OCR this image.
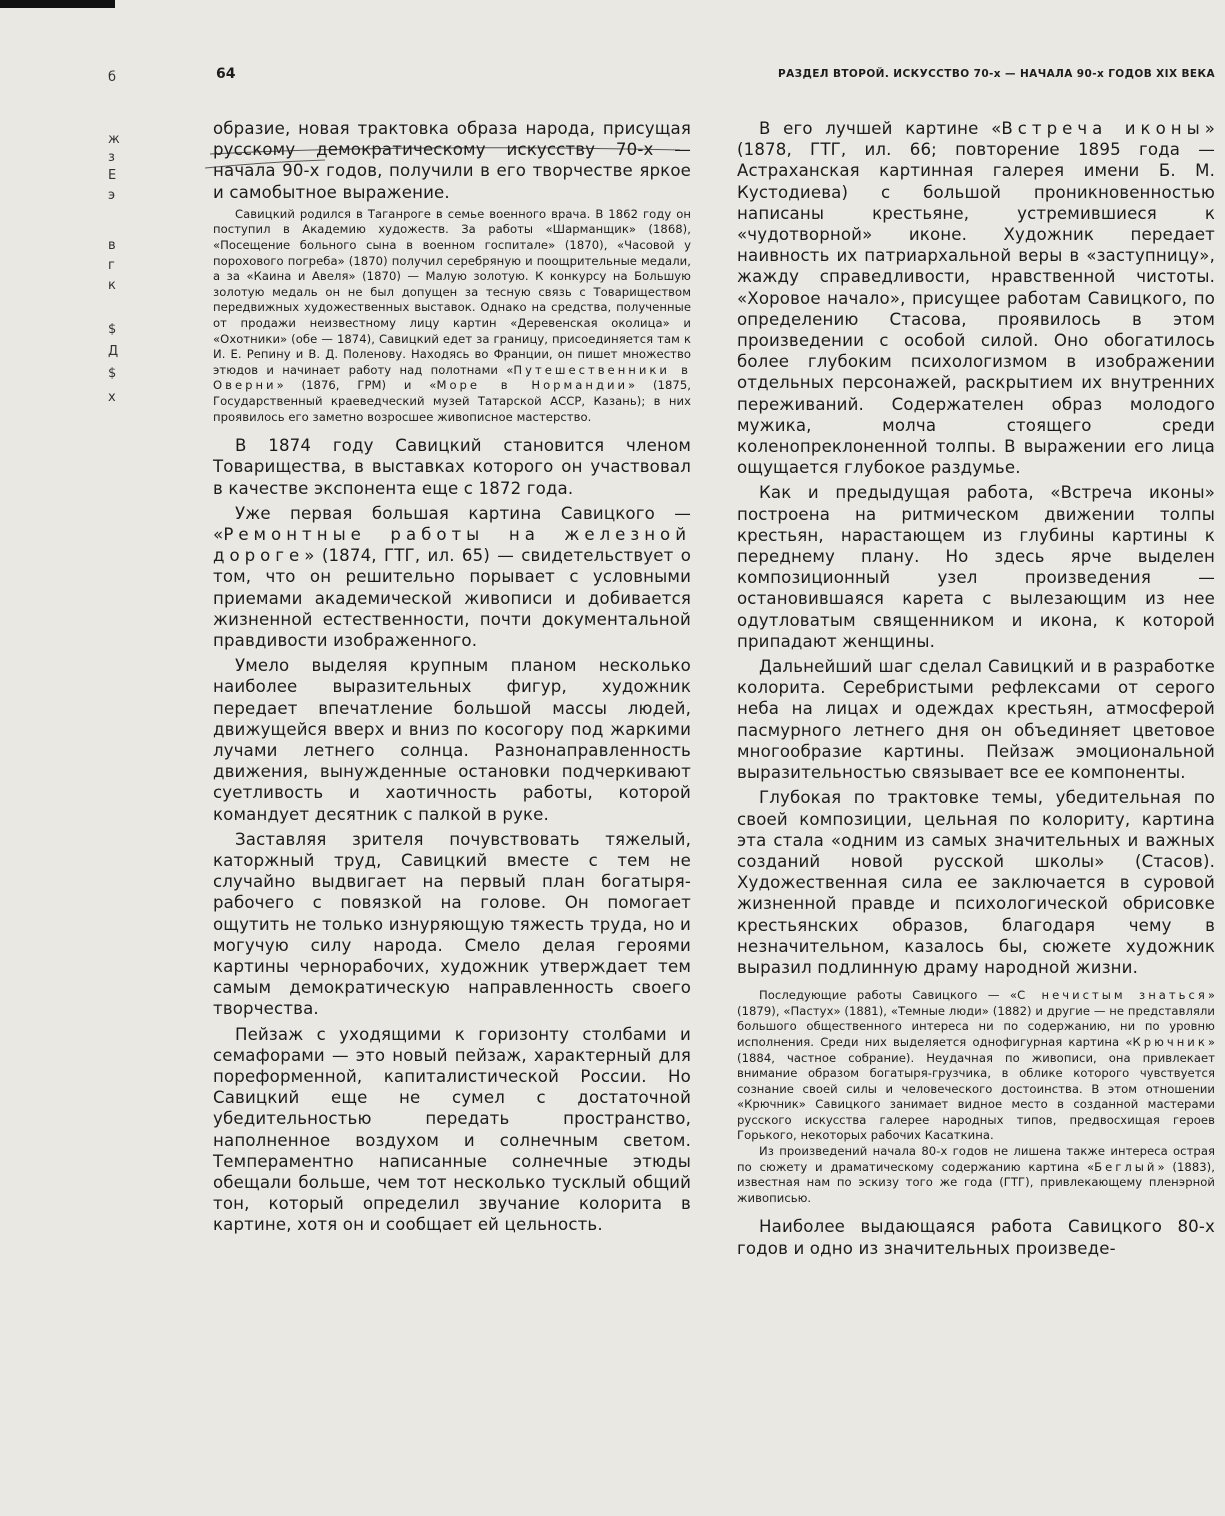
б
ж
з
Е
э
в
г
к
$
Д
$
х
64	РАЗДЕЛ ВТОРОЙ. ИСКУССТВО 70-х — НАЧАЛА 90-х ГОДОВ XIX ВЕКА

образие, новая трактовка образа народа, присущая русскому демократическому искусству 70-х — начала 90-х годов, получили в его творчестве яркое и самобытное выражение.

Савицкий родился в Таганроге в семье военного врача. В 1862 году он поступил в Академию художеств. За работы «Шарманщик» (1868), «Посещение больного сына в военном госпитале» (1870), «Часовой у порохового погреба» (1870) получил серебряную и поощрительные медали, а за «Каина и Авеля» (1870) — Малую золотую. К конкурсу на Большую золотую медаль он не был допущен за тесную связь с Товариществом передвижных художественных выставок. Однако на средства, полученные от продажи неизвестному лицу картин «Деревенская околица» и «Охотники» (обе — 1874), Савицкий едет за границу, присоединяется там к И. Е. Репину и В. Д. Поленову. Находясь во Франции, он пишет множество этюдов и начинает работу над полотнами «Путешественники в Оверни» (1876, ГРМ) и «Море в Нормандии» (1875, Государственный краеведческий музей Татарской АССР, Казань); в них проявилось его заметно возросшее живописное мастерство.

В 1874 году Савицкий становится членом Товарищества, в выставках которого он участвовал в качестве экспонента еще с 1872 года.

Уже первая большая картина Савицкого — «Ремонтные работы на железной дороге» (1874, ГТГ, ил. 65) — свидетельствует о том, что он решительно порывает с условными приемами академической живописи и добивается жизненной естественности, почти документальной правдивости изображенного.

Умело выделяя крупным планом несколько наиболее выразительных фигур, художник передает впечатление большой массы людей, движущейся вверх и вниз по косогору под жаркими лучами летнего солнца. Разнонаправленность движения, вынужденные остановки подчеркивают суетливость и хаотичность работы, которой командует десятник с палкой в руке.

Заставляя зрителя почувствовать тяжелый, каторжный труд, Савицкий вместе с тем не случайно выдвигает на первый план богатыря-рабочего с повязкой на голове. Он помогает ощутить не только изнуряющую тяжесть труда, но и могучую силу народа. Смело делая героями картины чернорабочих, художник утверждает тем самым демократическую направленность своего творчества.

Пейзаж с уходящими к горизонту столбами и семафорами — это новый пейзаж, характерный для пореформенной, капиталистической России. Но Савицкий еще не сумел с достаточной убедительностью передать пространство, наполненное воздухом и солнечным светом. Темпераментно написанные солнечные этюды обещали больше, чем тот несколько тусклый общий тон, который определил звучание колорита в картине, хотя он и сообщает ей цельность.

В его лучшей картине «Встреча иконы» (1878, ГТГ, ил. 66; повторение 1895 года — Астраханская картинная галерея имени Б. М. Кустодиева) с большой проникновенностью написаны крестьяне, устремившиеся к «чудотворной» иконе. Художник передает наивность их патриархальной веры в «заступницу», жажду справедливости, нравственной чистоты. «Хоровое начало», присущее работам Савицкого, по определению Стасова, проявилось в этом произведении с особой силой. Оно обогатилось более глубоким психологизмом в изображении отдельных персонажей, раскрытием их внутренних переживаний. Содержателен образ молодого мужика, молча стоящего среди коленопреклоненной толпы. В выражении его лица ощущается глубокое раздумье.

Как и предыдущая работа, «Встреча иконы» построена на ритмическом движении толпы крестьян, нарастающем из глубины картины к переднему плану. Но здесь ярче выделен композиционный узел произведения — остановившаяся карета с вылезающим из нее одутловатым священником и икона, к которой припадают женщины.

Дальнейший шаг сделал Савицкий и в разработке колорита. Серебристыми рефлексами от серого неба на лицах и одеждах крестьян, атмосферой пасмурного летнего дня он объединяет цветовое многообразие картины. Пейзаж эмоциональной выразительностью связывает все ее компоненты.

Глубокая по трактовке темы, убедительная по своей композиции, цельная по колориту, картина эта стала «одним из самых значительных и важных созданий новой русской школы» (Стасов). Художественная сила ее заключается в суровой жизненной правде и психологической обрисовке крестьянских образов, благодаря чему в незначительном, казалось бы, сюжете художник выразил подлинную драму народной жизни.

Последующие работы Савицкого — «С нечистым знаться» (1879), «Пастух» (1881), «Темные люди» (1882) и другие — не представляли большого общественного интереса ни по содержанию, ни по уровню исполнения. Среди них выделяется однофигурная картина «Крючник» (1884, частное собрание). Неудачная по живописи, она привлекает внимание образом богатыря-грузчика, в облике которого чувствуется сознание своей силы и человеческого достоинства. В этом отношении «Крючник» Савицкого занимает видное место в созданной мастерами русского искусства галерее народных типов, предвосхищая героев Горького, некоторых рабочих Касаткина.

Из произведений начала 80-х годов не лишена также интереса острая по сюжету и драматическому содержанию картина «Беглый» (1883), известная нам по эскизу того же года (ГТГ), привлекающему пленэрной живописью.

Наиболее выдающаяся работа Савицкого 80-х годов и одно из значительных произведе-
